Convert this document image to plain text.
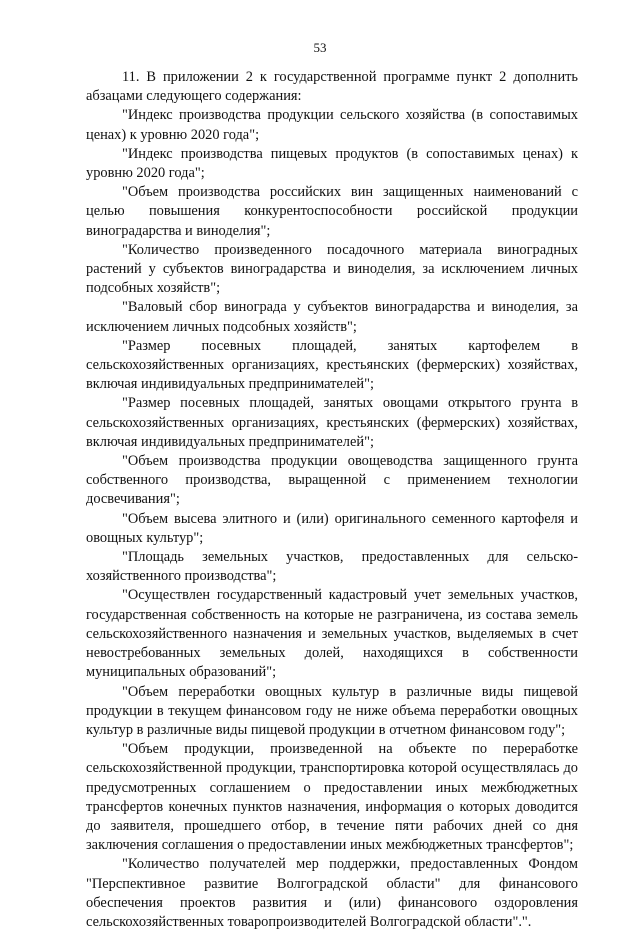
53

11. В приложении 2 к государственной программе пункт 2 дополнить абзацами следующего содержания:

"Индекс производства продукции сельского хозяйства (в сопоставимых ценах) к уровню 2020 года";

"Индекс производства пищевых продуктов (в сопоставимых ценах) к уровню 2020 года";

"Объем производства российских вин защищенных наименований с целью повышения конкурентоспособности российской продукции виноградарства и виноделия";

"Количество произведенного посадочного материала виноградных растений у субъектов виноградарства и виноделия, за исключением личных подсобных хозяйств";

"Валовый сбор винограда у субъектов виноградарства и виноделия, за исключением личных подсобных хозяйств";

"Размер посевных площадей, занятых картофелем в сельскохозяйственных организациях, крестьянских (фермерских) хозяйствах, включая индивидуальных предпринимателей";

"Размер посевных площадей, занятых овощами открытого грунта в сельскохозяйственных организациях, крестьянских (фермерских) хозяйствах, включая индивидуальных предпринимателей";

"Объем производства продукции овощеводства защищенного грунта собственного производства, выращенной с применением технологии досвечивания";

"Объем высева элитного и (или) оригинального семенного картофеля и овощных культур";

"Площадь земельных участков, предоставленных для сельско-хозяйственного производства";

"Осуществлен государственный кадастровый учет земельных участков, государственная собственность на которые не разграничена, из состава земель сельскохозяйственного назначения и земельных участков, выделяемых в счет невостребованных земельных долей, находящихся в собственности муниципальных образований";

"Объем переработки овощных культур в различные виды пищевой продукции в текущем финансовом году не ниже объема переработки овощных культур в различные виды пищевой продукции в отчетном финансовом году";

"Объем продукции, произведенной на объекте по переработке сельскохозяйственной продукции, транспортировка которой осуществлялась до предусмотренных соглашением о предоставлении иных межбюджетных трансфертов конечных пунктов назначения, информация о которых доводится до заявителя, прошедшего отбор, в течение пяти рабочих дней со дня заключения соглашения о предоставлении иных межбюджетных трансфертов";

"Количество получателей мер поддержки, предоставленных Фондом "Перспективное развитие Волгоградской области" для финансового обеспечения проектов развития и (или) финансового оздоровления сельскохозяйственных товаропроизводителей Волгоградской области".".
